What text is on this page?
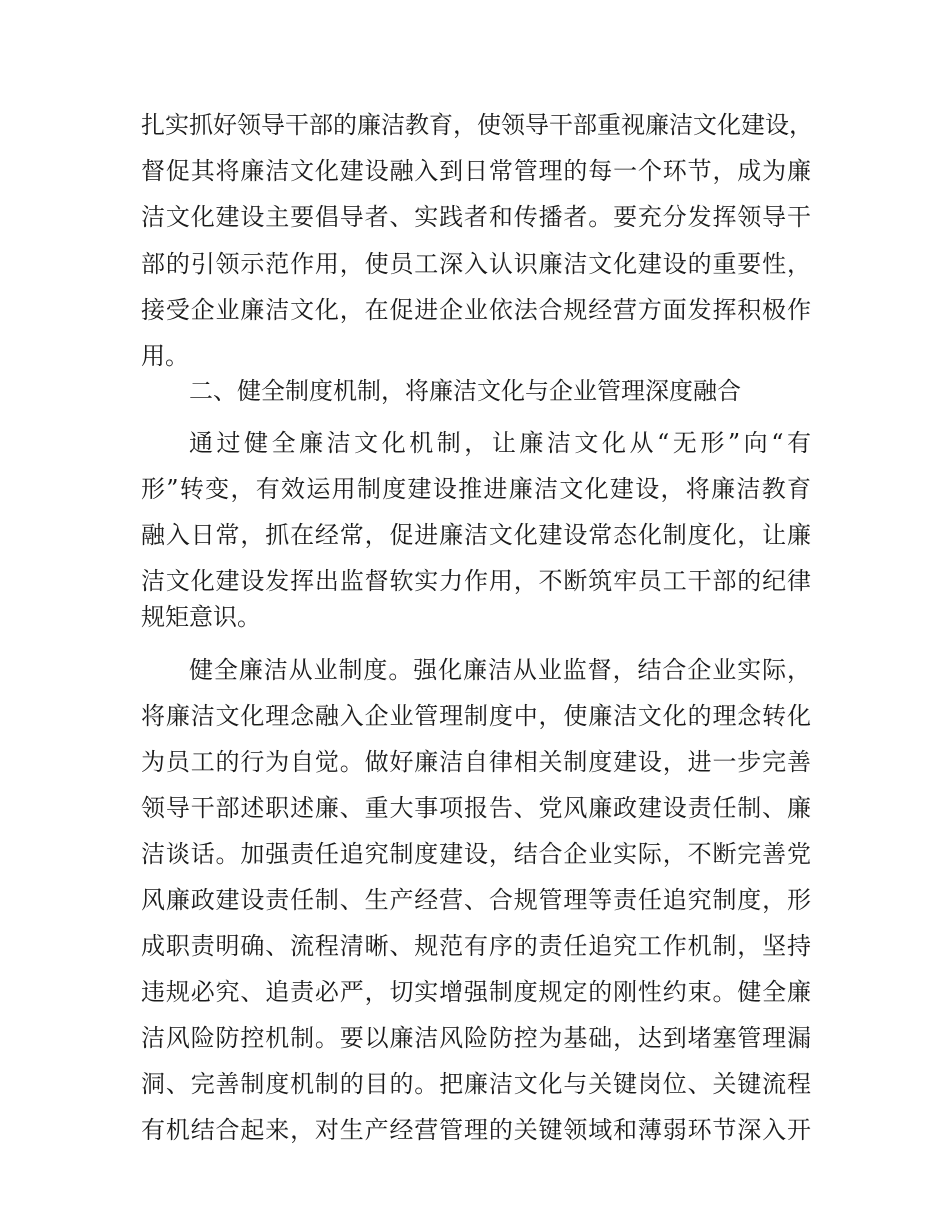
扎实抓好领导干部的廉洁教育，使领导干部重视廉洁文化建设，
督促其将廉洁文化建设融入到日常管理的每一个环节，成为廉
洁文化建设主要倡导者、实践者和传播者。要充分发挥领导干
部的引领示范作用，使员工深入认识廉洁文化建设的重要性，
接受企业廉洁文化，在促进企业依法合规经营方面发挥积极作
用。
二、健全制度机制，将廉洁文化与企业管理深度融合
通过健全廉洁文化机制，让廉洁文化从“无形”向“有
形”转变，有效运用制度建设推进廉洁文化建设，将廉洁教育
融入日常，抓在经常，促进廉洁文化建设常态化制度化，让廉
洁文化建设发挥出监督软实力作用，不断筑牢员工干部的纪律
规矩意识。
健全廉洁从业制度。强化廉洁从业监督，结合企业实际，
将廉洁文化理念融入企业管理制度中，使廉洁文化的理念转化
为员工的行为自觉。做好廉洁自律相关制度建设，进一步完善
领导干部述职述廉、重大事项报告、党风廉政建设责任制、廉
洁谈话。加强责任追究制度建设，结合企业实际，不断完善党
风廉政建设责任制、生产经营、合规管理等责任追究制度，形
成职责明确、流程清晰、规范有序的责任追究工作机制，坚持
违规必究、追责必严，切实增强制度规定的刚性约束。健全廉
洁风险防控机制。要以廉洁风险防控为基础，达到堵塞管理漏
洞、完善制度机制的目的。把廉洁文化与关键岗位、关键流程
有机结合起来，对生产经营管理的关键领域和薄弱环节深入开
